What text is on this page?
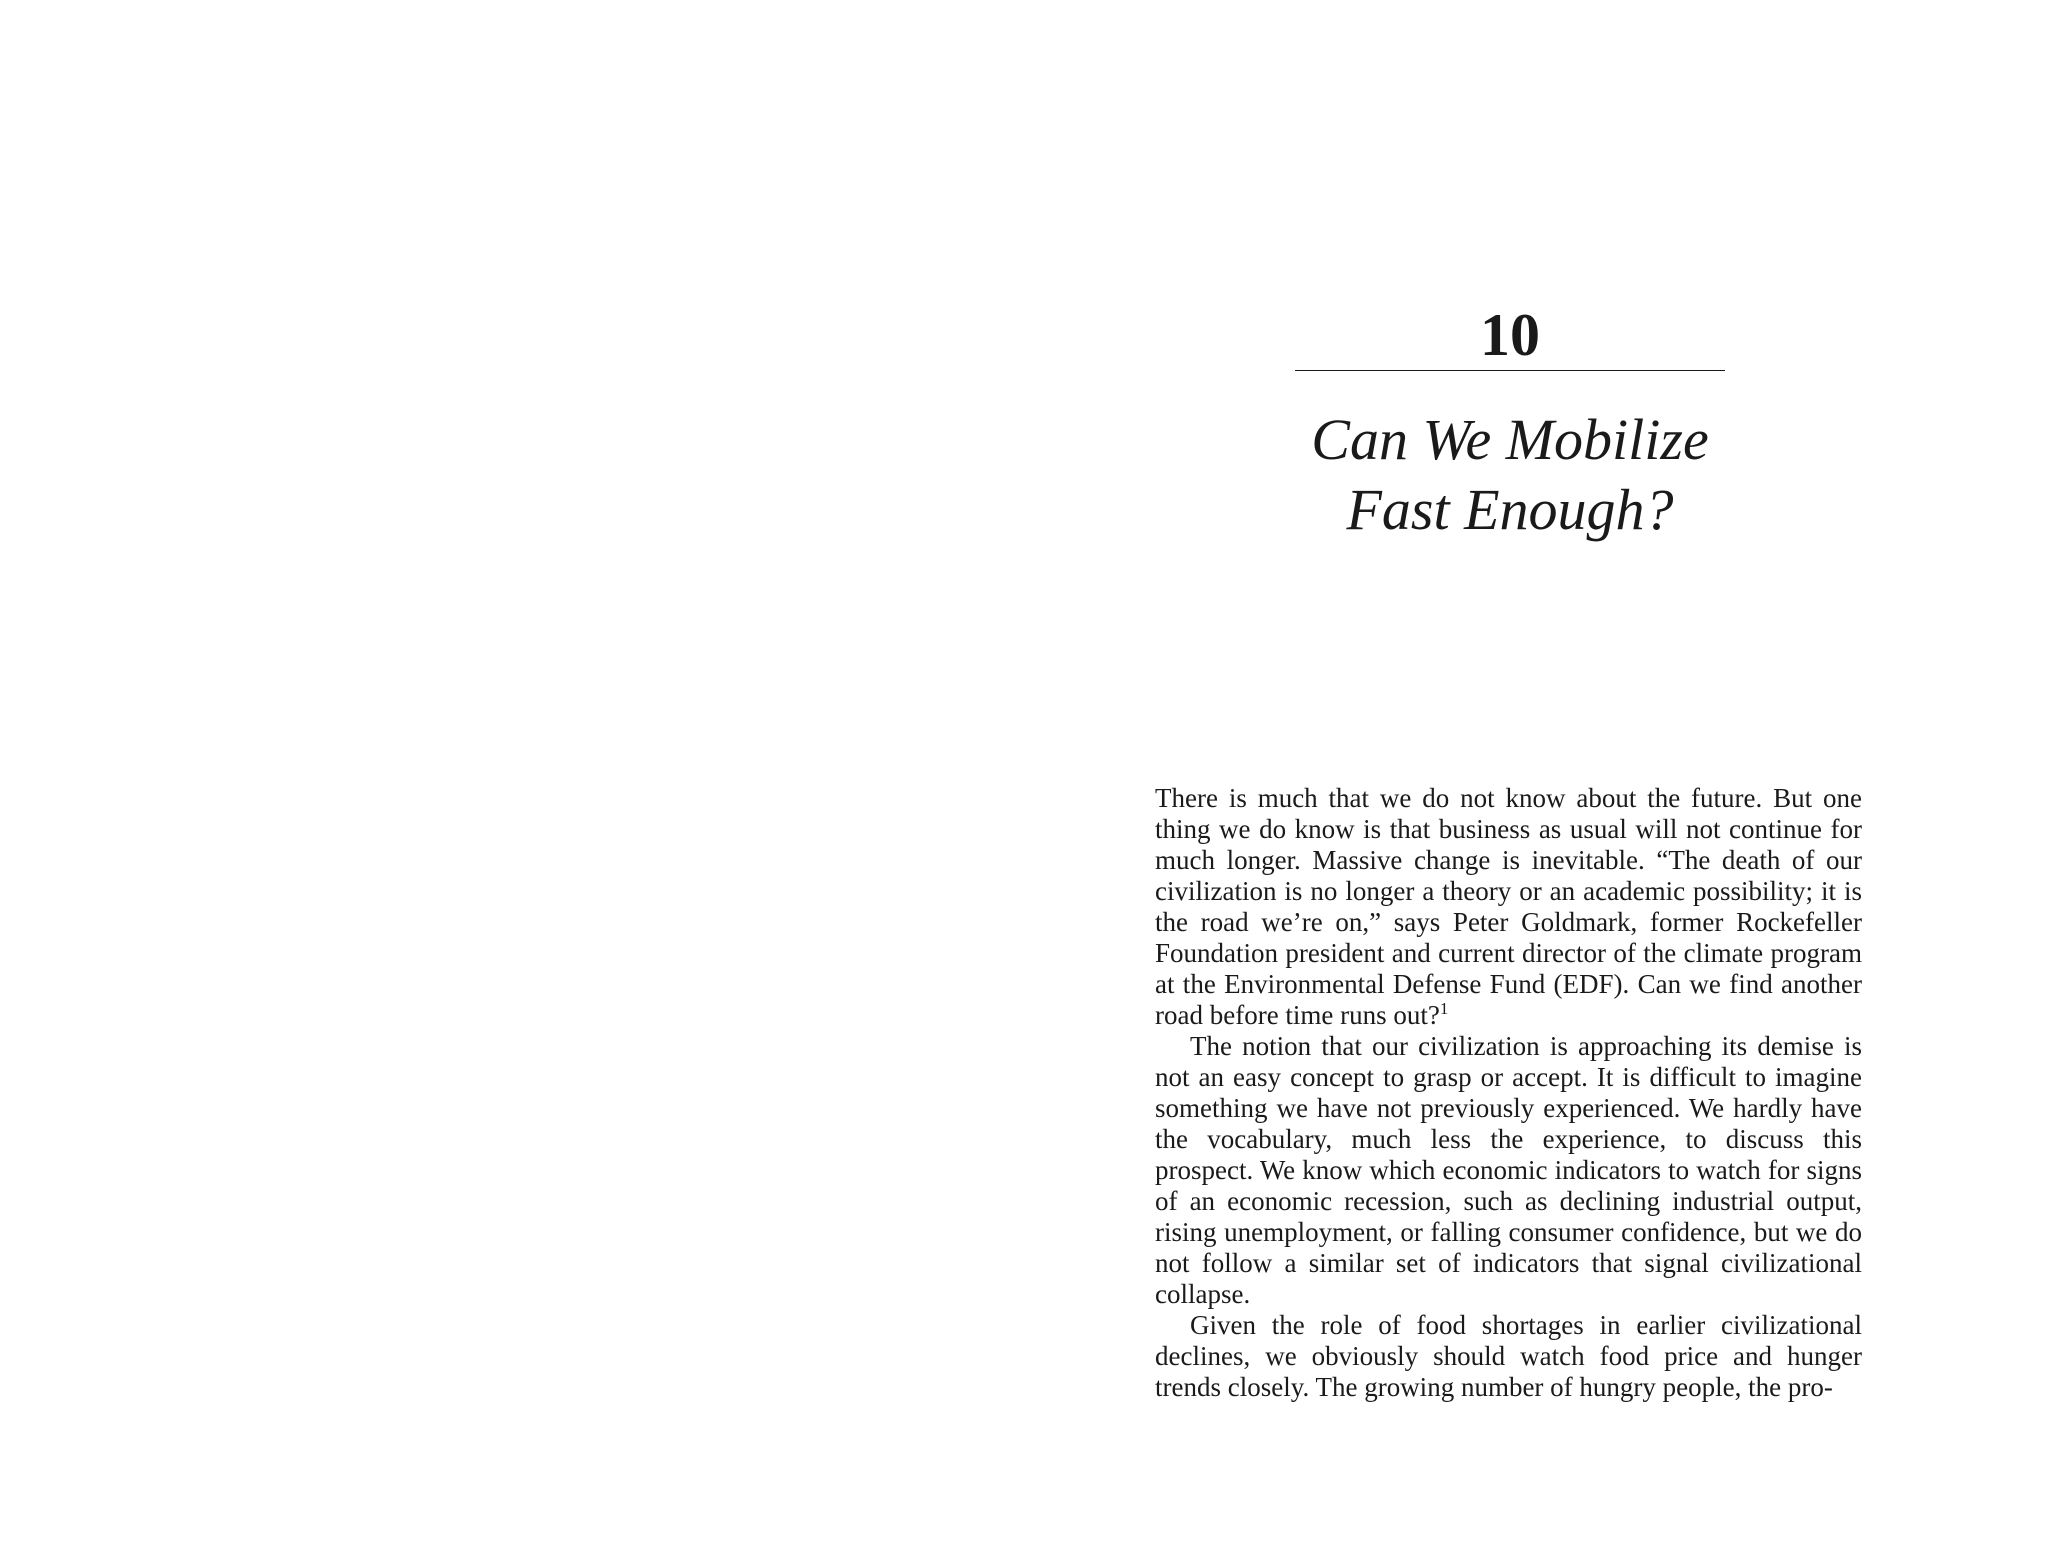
10
Can We Mobilize
Fast Enough?

There is much that we do not know about the future. But one thing we do know is that business as usual will not continue for much longer. Massive change is inevitable. “The death of our civilization is no longer a theory or an academic possibility; it is the road we’re on,” says Peter Goldmark, former Rockefeller Foundation president and current director of the climate program at the Environmental Defense Fund (EDF). Can we find another road before time runs out?$^1$

The notion that our civilization is approaching its demise is not an easy concept to grasp or accept. It is difficult to imagine something we have not previously experienced. We hardly have the vocabulary, much less the experience, to discuss this prospect. We know which economic indicators to watch for signs of an economic recession, such as declining industrial output, rising unemployment, or falling consumer confidence, but we do not follow a similar set of indicators that signal civilizational collapse.

Given the role of food shortages in earlier civilizational declines, we obviously should watch food price and hunger trends closely. The growing number of hungry people, the pro-
